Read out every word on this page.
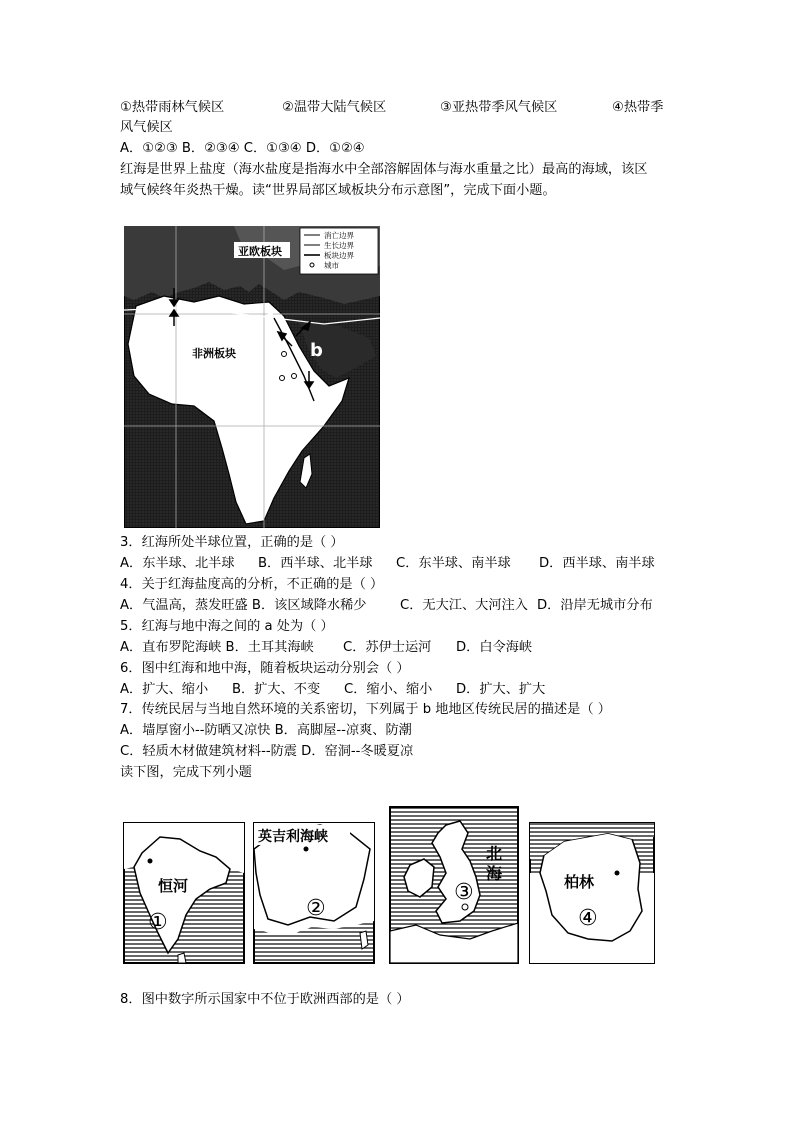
①热带雨林气候区	②温带大陆气候区	③亚热带季风气候区	④热带季
风气候区
A．①②③ B．②③④ C．①③④ D．①②④
红海是世界上盐度（海水盐度是指海水中全部溶解固体与海水重量之比）最高的海域，该区
域气候终年炎热干燥。读“世界局部区域板块分布示意图”，完成下面小题。
亚欧板块
非洲板块
a
b
消亡边界
生长边界
板块边界
城市
3．红海所处半球位置，正确的是（ ）
A．东半球、北半球 B．西半球、北半球 C．东半球、南半球 D．西半球、南半球
4．关于红海盐度高的分析，不正确的是（ ）
A．气温高，蒸发旺盛 B．该区域降水稀少	C．无大江、大河注入 D．沿岸无城市分布
5．红海与地中海之间的 a 处为（ ）
A．直布罗陀海峡 B．土耳其海峡 C．苏伊士运河 D．白令海峡
6．图中红海和地中海，随着板块运动分别会（ ）
A．扩大、缩小 B．扩大、不变 C．缩小、缩小 D．扩大、扩大
7．传统民居与当地自然环境的关系密切，下列属于 b 地地区传统民居的描述是（ ）
A．墙厚窗小--防晒又凉快 B．高脚屋--凉爽、防潮
C．轻质木材做建筑材料--防震 D．窑洞--冬暖夏凉
读下图，完成下列小题
恒河
①
英吉利海峡
②
北
海
③	柏林
④
8．图中数字所示国家中不位于欧洲西部的是（ ）
